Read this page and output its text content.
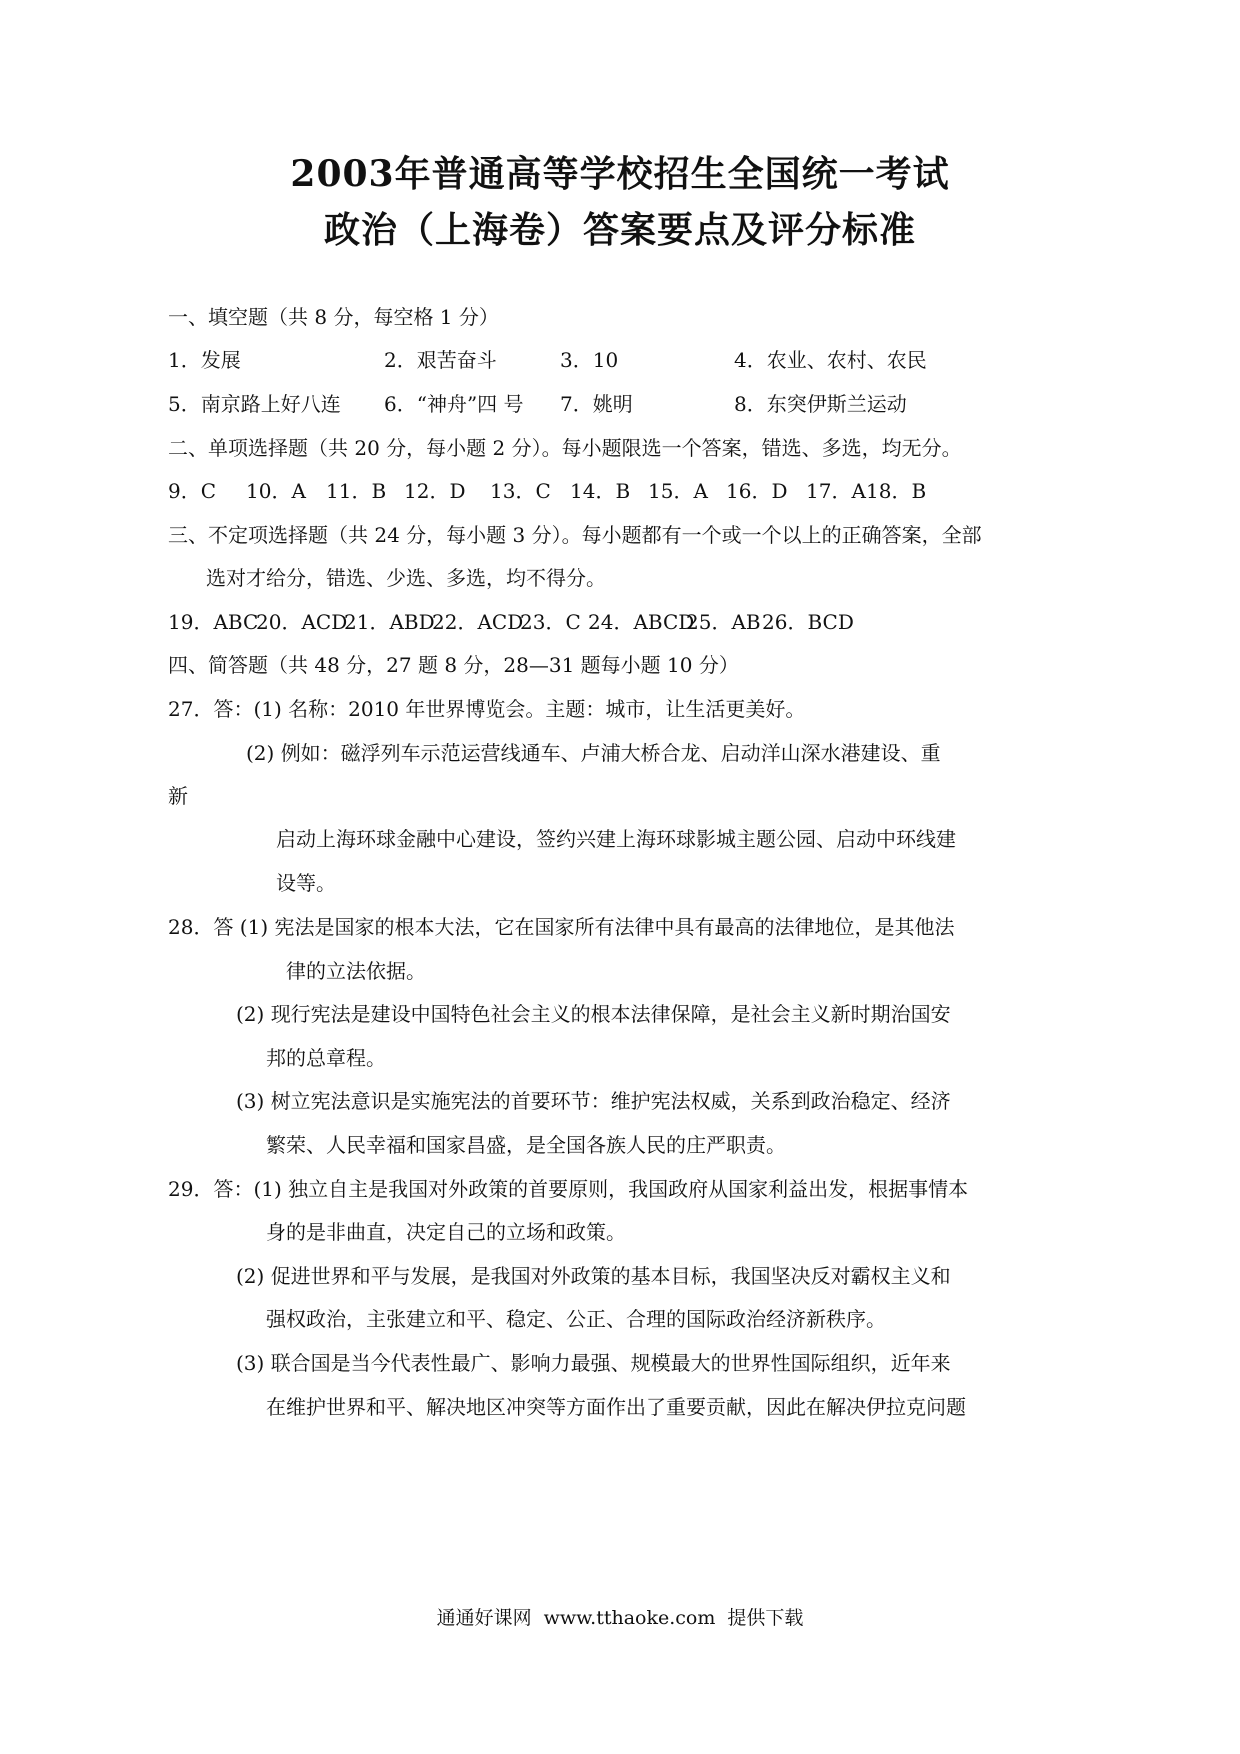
2003年普通高等学校招生全国统一考试
政治（上海卷）答案要点及评分标准
一、填空题（共 8 分，每空格 1 分）
1．发展	2．艰苦奋斗	3．10	4．农业、农村、农民
5．南京路上好八连 6．“神舟”四 号 7．姚明	8．东突伊斯兰运动
二、单项选择题（共 20 分，每小题 2 分）。每小题限选一个答案，错选、多选，均无分。
9．C 10．A 11．B 12．D 13．C 14．B 15．A 16．D 17．A 18．B
三、不定项选择题（共 24 分，每小题 3 分）。每小题都有一个或一个以上的正确答案，全部
选对才给分，错选、少选、多选，均不得分。
19．ABC
20．ACD
21．ABD
22．ACD
23．C 24．ABCD
25．AB 26．BCD
四、简答题（共 48 分，27 题 8 分，28—31 题每小题 10 分）
27．答：(1) 名称：2010 年世界博览会。主题：城市，让生活更美好。
(2) 例如：磁浮列车示范运营线通车、卢浦大桥合龙、启动洋山深水港建设、重
新
启动上海环球金融中心建设，签约兴建上海环球影城主题公园、启动中环线建
设等。
28．答 (1) 宪法是国家的根本大法，它在国家所有法律中具有最高的法律地位，是其他法
律的立法依据。
(2) 现行宪法是建设中国特色社会主义的根本法律保障，是社会主义新时期治国安
邦的总章程。
(3) 树立宪法意识是实施宪法的首要环节：维护宪法权威，关系到政治稳定、经济
繁荣、人民幸福和国家昌盛，是全国各族人民的庄严职责。
29．答：(1) 独立自主是我国对外政策的首要原则，我国政府从国家利益出发，根据事情本
身的是非曲直，决定自己的立场和政策。
(2) 促进世界和平与发展，是我国对外政策的基本目标，我国坚决反对霸权主义和
强权政治，主张建立和平、稳定、公正、合理的国际政治经济新秩序。
(3) 联合国是当今代表性最广、影响力最强、规模最大的世界性国际组织，近年来
在维护世界和平、解决地区冲突等方面作出了重要贡献，因此在解决伊拉克问题
通通好课网 www.tthaoke.com 提供下载
